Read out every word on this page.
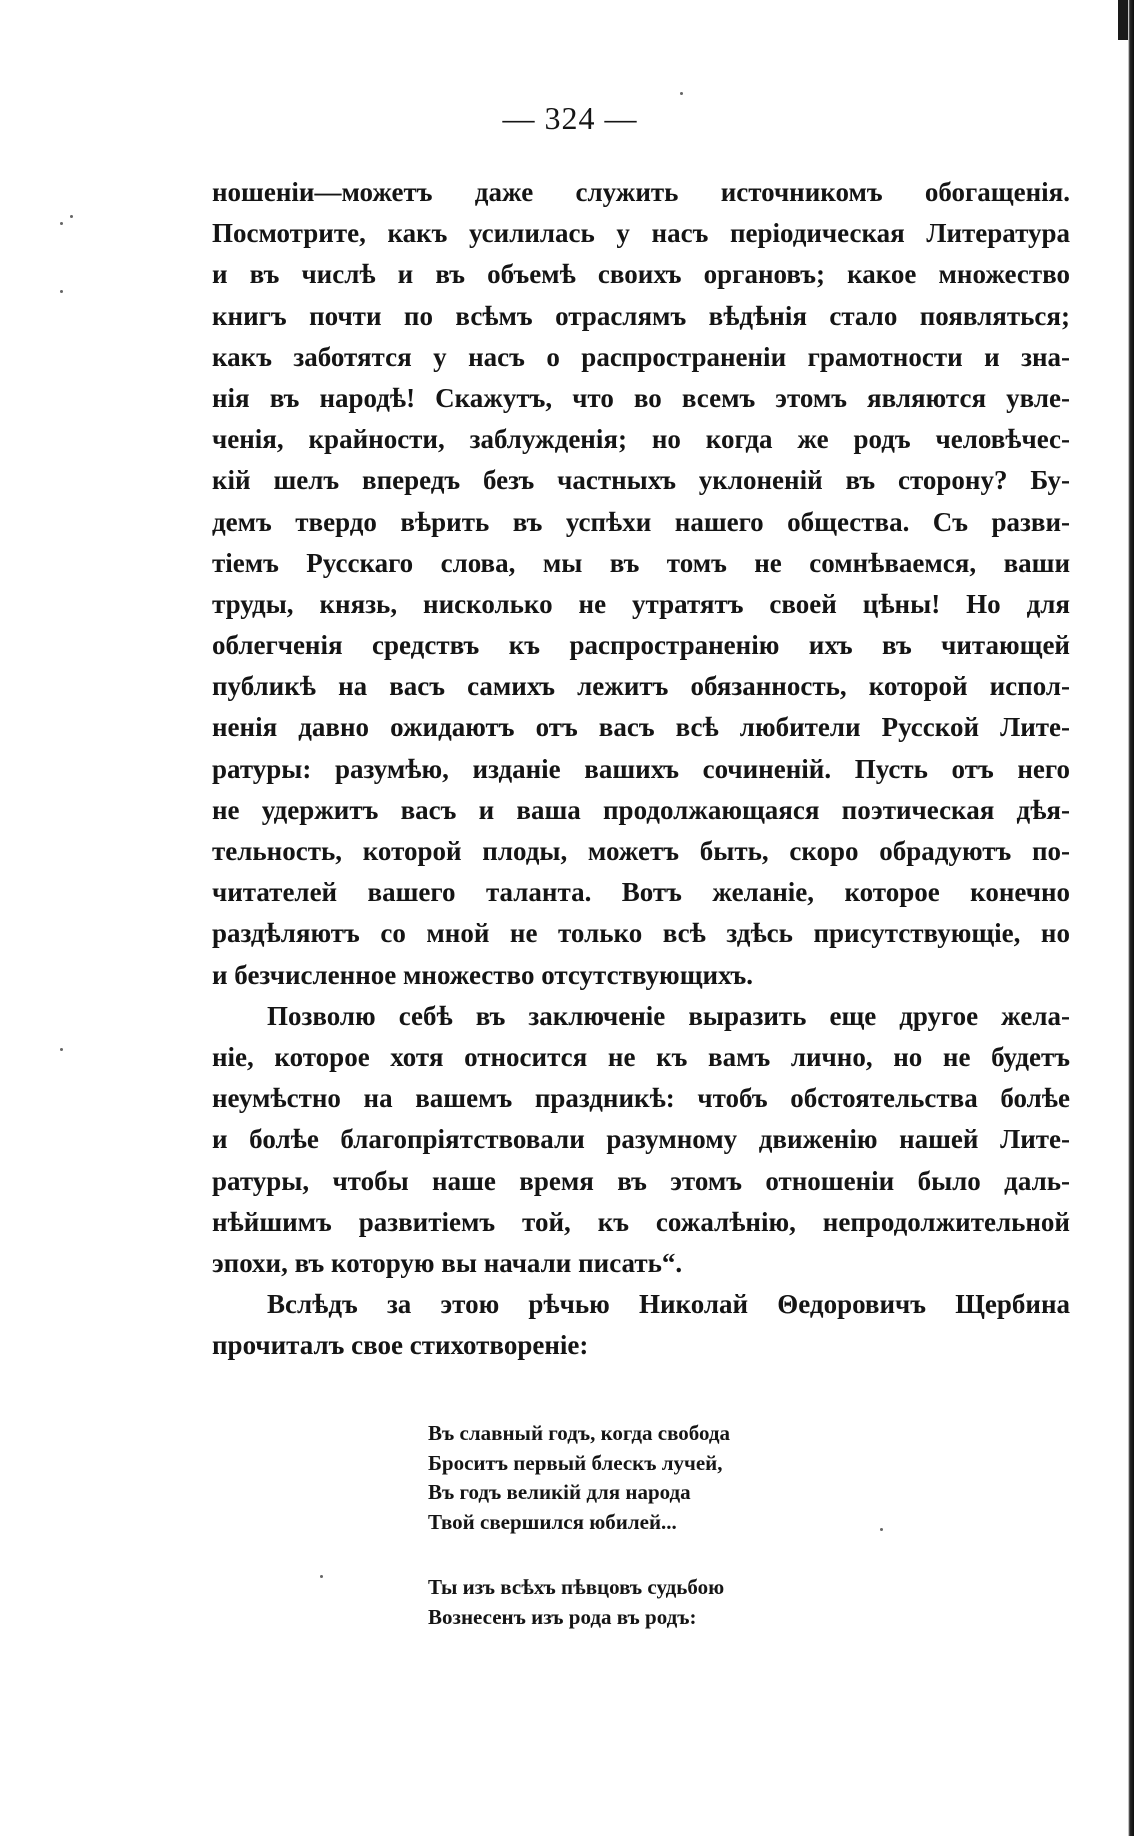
— 324 —
ношенiи—можетъ даже служить источникомъ обогащенiя.
Посмотрите, какъ усилилась у насъ перiодическая Литература
и въ числѣ и въ объемѣ своихъ органовъ; какое множество
книгъ почти по всѣмъ отраслямъ вѣдѣнiя стало появляться;
какъ заботятся у насъ о распространенiи грамотности и зна-
нiя въ народѣ! Скажутъ, что во всемъ этомъ являются увле-
ченiя, крайности, заблужденiя; но когда же родъ человѣчес-
кiй шелъ впередъ безъ частныхъ уклоненiй въ сторону? Бу-
демъ твердо вѣрить въ успѣхи нашего общества. Съ разви-
тiемъ Русскаго слова, мы въ томъ не сомнѣваемся, ваши
труды, князь, нисколько не утратятъ своей цѣны! Но для
облегченiя средствъ къ распространенiю ихъ въ читающей
публикѣ на васъ самихъ лежитъ обязанность, которой испол-
ненiя давно ожидаютъ отъ васъ всѣ любители Русской Лите-
ратуры: разумѣю, изданiе вашихъ сочиненiй. Пусть отъ него
не удержитъ васъ и ваша продолжающаяся поэтическая дѣя-
тельность, которой плоды, можетъ быть, скоро обрадуютъ по-
читателей вашего таланта. Вотъ желанiе, которое конечно
раздѣляютъ со мной не только всѣ здѣсь присутствующiе, но
и безчисленное множество отсутствующихъ.
Позволю себѣ въ заключенiе выразить еще другое жела-
нiе, которое хотя относится не къ вамъ лично, но не будетъ
неумѣстно на вашемъ праздникѣ: чтобъ обстоятельства болѣе
и болѣе благопрiятствовали разумному движенiю нашей Лите-
ратуры, чтобы наше время въ этомъ отношенiи было даль-
нѣйшимъ развитiемъ той, къ сожалѣнiю, непродолжительной
эпохи, въ которую вы начали писать“.
Вслѣдъ за этою рѣчью Николай Θедоровичъ Щербина
прочиталъ свое стихотворенiе:
Въ славный годъ, когда свобода
Броситъ первый блескъ лучей,
Въ годъ великiй для народа
Твой свершился юбилей...
Ты изъ всѣхъ пѣвцовъ судьбою
Вознесенъ изъ рода въ родъ:
